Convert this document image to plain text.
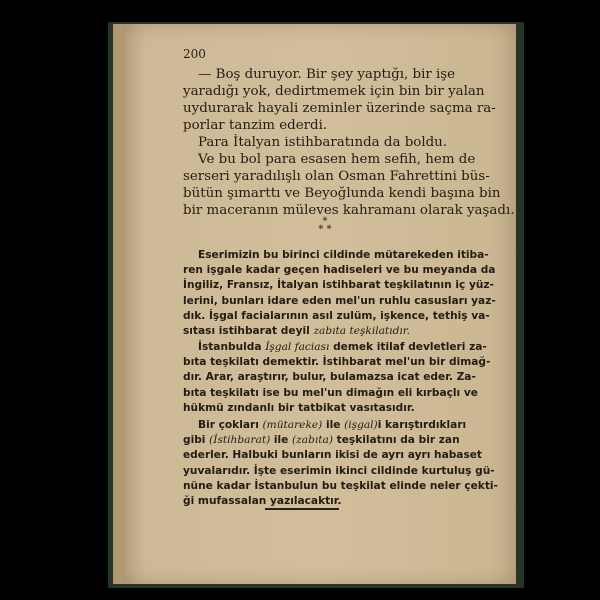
200

— Boş duruyor. Bir şey yaptığı, bir işe

yaradığı yok, dedirtmemek için bin bir yalan

uydurarak hayali zeminler üzerinde saçma ra-

porlar tanzim ederdi.

Para İtalyan istihbaratında da boldu.

Ve bu bol para esasen hem sefih, hem de

serseri yaradılışlı olan Osman Fahrettini büs-

bütün şımarttı ve Beyoğlunda kendi başına bin

bir maceranın müleves kahramanı olarak yaşadı.

*
* *

Eserimizin bu birinci cildinde mütarekeden itiba-

ren işgale kadar geçen hadiseleri ve bu meyanda da

İngiliz, Fransız, İtalyan istihbarat teşkilatının iç yüz-

lerini, bunları idare eden mel'un ruhlu casusları yaz-

dık. İşgal facialarının asıl zulüm, işkence, tethiş va-

sıtası istihbarat deyil zabıta teşkilatıdır.

İstanbulda İşgal faciası demek itilaf devletleri za-

bıta teşkilatı demektir. İstihbarat mel'un bir dimağ-

dır. Arar, araştırır, bulur, bulamazsa icat eder. Za-

bıta teşkilatı ise bu mel'un dimağın eli kırbaçlı ve

hükmü zındanlı bir tatbikat vasıtasıdır.

Bir çokları (mütareke) ile (işgal)i karıştırdıkları

gibi (İstihbarat) ile (zabıta) teşkilatını da bir zan

ederler. Halbuki bunların ikisi de ayrı ayrı habaset

yuvalarıdır. İşte eserimin ikinci cildinde kurtuluş gü-

nüne kadar İstanbulun bu teşkilat elinde neler çekti-

ği mufassalan yazılacaktır.
